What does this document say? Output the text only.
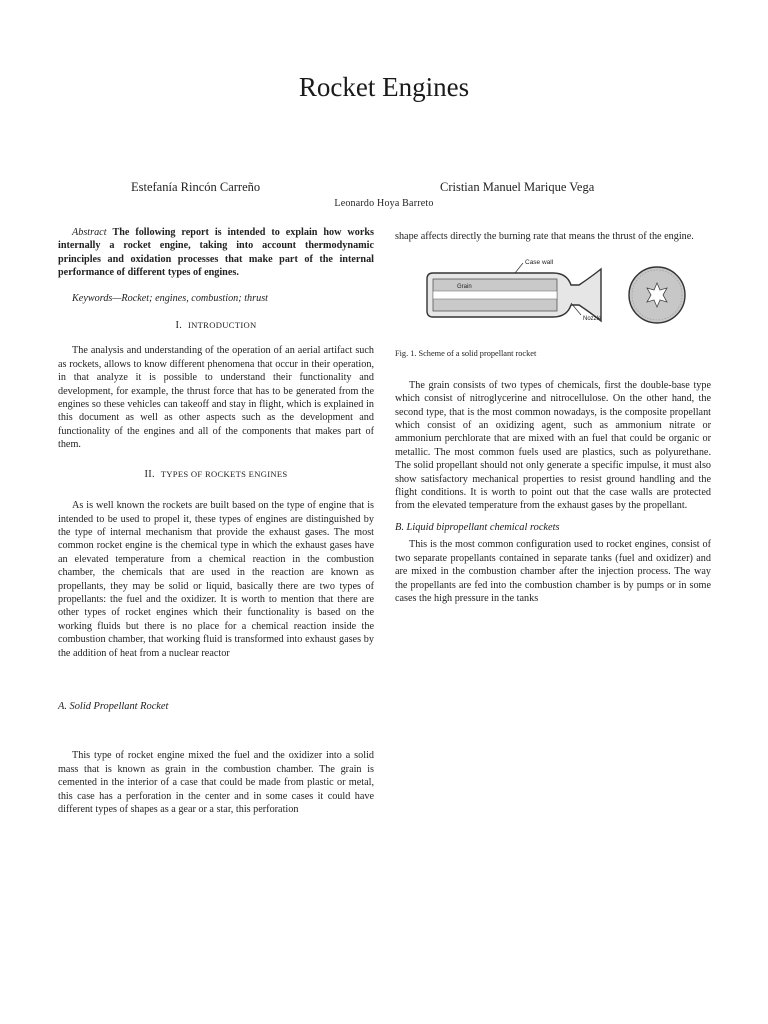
Rocket Engines
Estefanía Rincón Carreño	Cristian Manuel Marique Vega
Leonardo Hoya Barreto

Abstract The following report is intended to explain how works internally a rocket engine, taking into account thermodynamic principles and oxidation processes that make part of the internal performance of different types of engines.

Keywords—Rocket; engines, combustion; thrust

I. INTRODUCTION

The analysis and understanding of the operation of an aerial artifact such as rockets, allows to know different phenomena that occur in their operation, in that analyze it is possible to understand their functionality and development, for example, the thrust force that has to be generated from the engines so these vehicles can takeoff and stay in flight, which is explained in this document as well as other aspects such as the development and functionality of the engines and all of the components that makes part of them.

II. TYPES OF ROCKETS ENGINES

As is well known the rockets are built based on the type of engine that is intended to be used to propel it, these types of engines are distinguished by the type of internal mechanism that provide the exhaust gases. The most common rocket engine is the chemical type in which the exhaust gases have an elevated temperature from a chemical reaction in the combustion chamber, the chemicals that are used in the reaction are known as propellants, they may be solid or liquid, basically there are two types of propellants: the fuel and the oxidizer. It is worth to mention that there are other types of rocket engines which their functionality is based on the working fluids but there is no place for a chemical reaction inside the combustion chamber, that working fluid is transformed into exhaust gases by the addition of heat from a nuclear reactor

A. Solid Propellant Rocket

This type of rocket engine mixed the fuel and the oxidizer into a solid mass that is known as grain in the combustion chamber. The grain is cemented in the interior of a case that could be made from plastic or metal, this case has a perforation in the center and in some cases it could have different types of shapes as a gear or a star, this perforation

shape affects directly the burning rate that means the thrust of the engine.

Case wall
Grain
Nozzle
Fig. 1. Scheme of a solid propellant rocket

The grain consists of two types of chemicals, first the double-base type which consist of nitroglycerine and nitrocellulose. On the other hand, the second type, that is the most common nowadays, is the composite propellant which consist of an oxidizing agent, such as ammonium nitrate or ammonium perchlorate that are mixed with an fuel that could be organic or metallic. The most common fuels used are plastics, such as polyurethane. The solid propellant should not only generate a specific impulse, it must also show satisfactory mechanical properties to resist ground handling and the flight conditions. It is worth to point out that the case walls are protected from the elevated temperature from the exhaust gases by the propellant.

B. Liquid bipropellant chemical rockets

This is the most common configuration used to rocket engines, consist of two separate propellants contained in separate tanks (fuel and oxidizer) and are mixed in the combustion chamber after the injection process. The way the propellants are fed into the combustion chamber is by pumps or in some cases the high pressure in the tanks
